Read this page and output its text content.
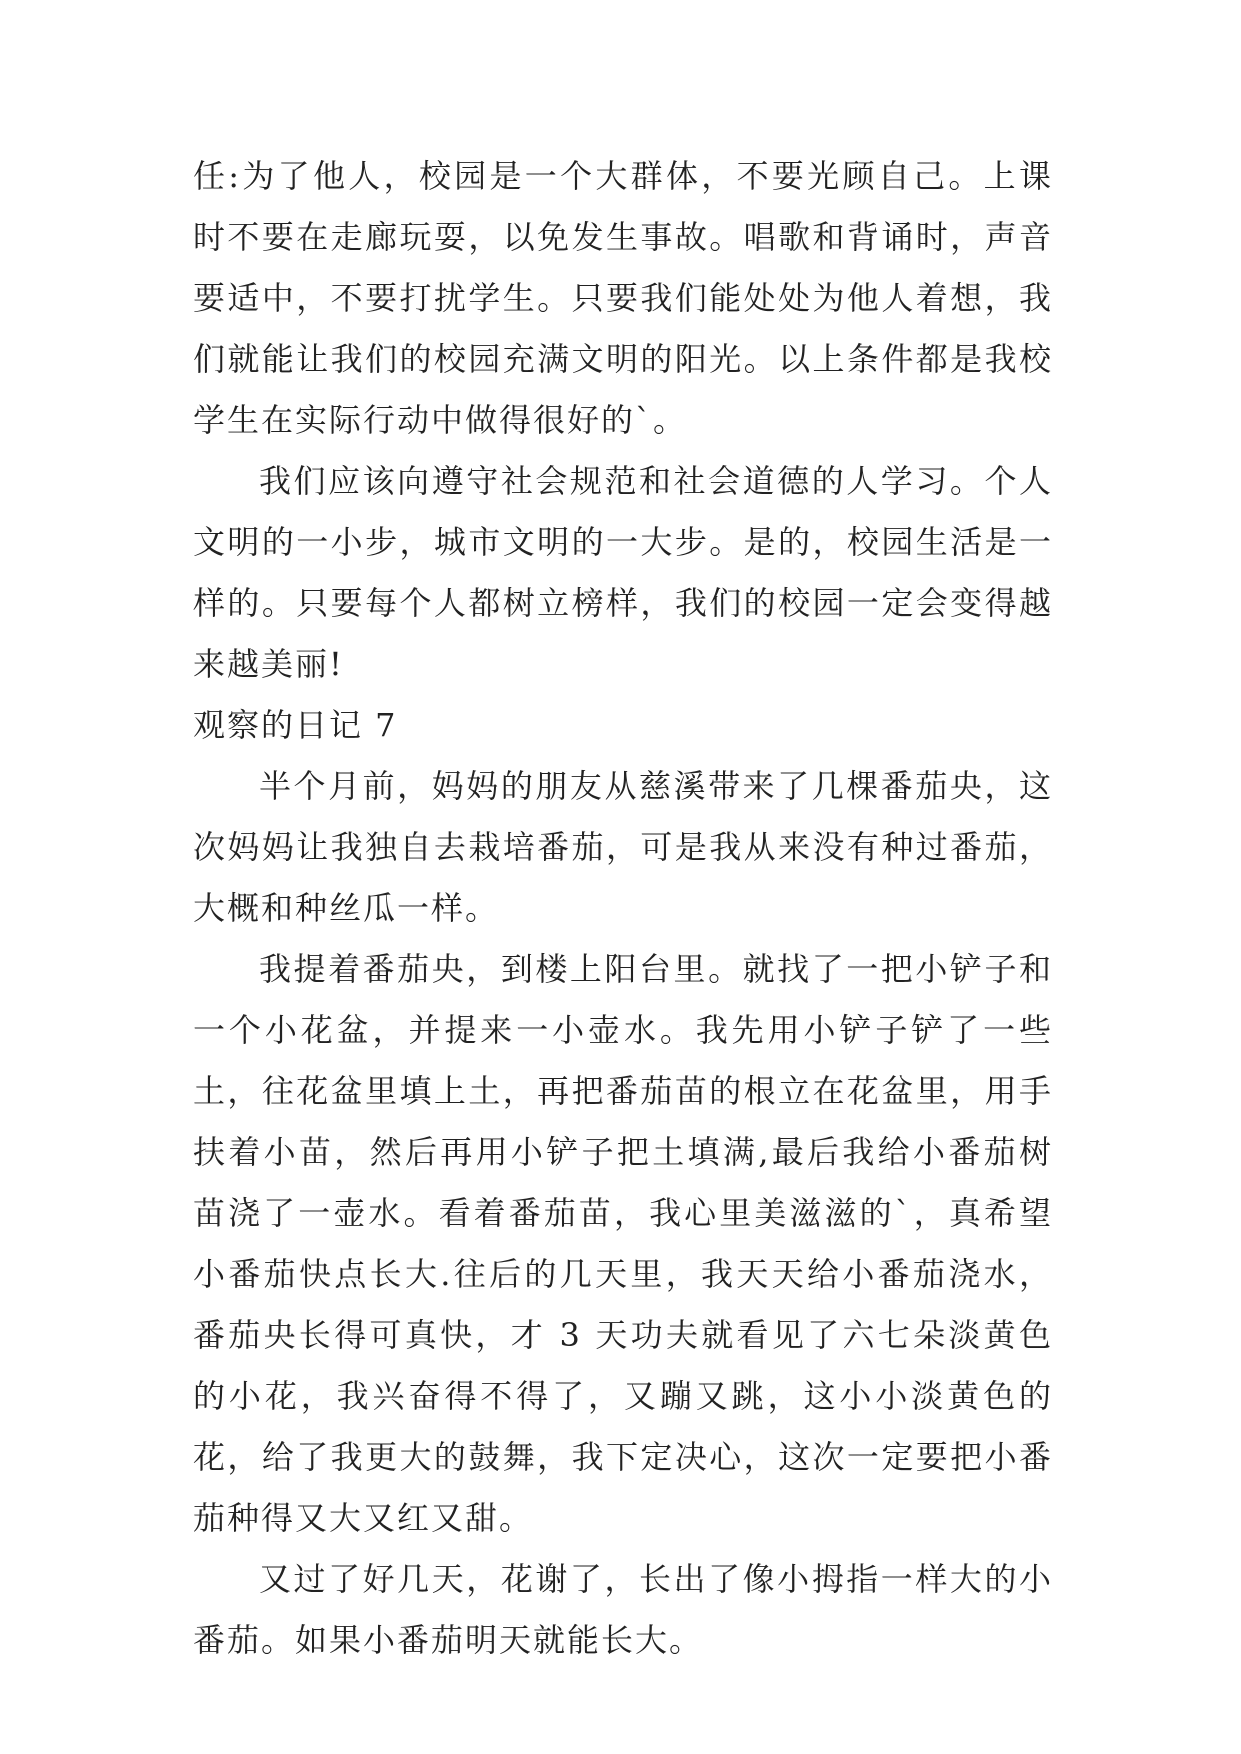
任:为了他人，校园是一个大群体，不要光顾自己。上课时不要在走廊玩耍，以免发生事故。唱歌和背诵时，声音要适中，不要打扰学生。只要我们能处处为他人着想，我们就能让我们的校园充满文明的阳光。以上条件都是我校学生在实际行动中做得很好的`。

我们应该向遵守社会规范和社会道德的人学习。个人文明的一小步，城市文明的一大步。是的，校园生活是一样的。只要每个人都树立榜样，我们的校园一定会变得越来越美丽!

观察的日记 7

半个月前，妈妈的朋友从慈溪带来了几棵番茄央，这次妈妈让我独自去栽培番茄，可是我从来没有种过番茄，大概和种丝瓜一样。

我提着番茄央，到楼上阳台里。就找了一把小铲子和一个小花盆，并提来一小壶水。我先用小铲子铲了一些土，往花盆里填上土，再把番茄苗的根立在花盆里，用手扶着小苗，然后再用小铲子把土填满,最后我给小番茄树苗浇了一壶水。看着番茄苗，我心里美滋滋的`，真希望小番茄快点长大.往后的几天里，我天天给小番茄浇水，番茄央长得可真快，才 3 天功夫就看见了六七朵淡黄色的小花，我兴奋得不得了，又蹦又跳，这小小淡黄色的花，给了我更大的鼓舞，我下定决心，这次一定要把小番茄种得又大又红又甜。

又过了好几天，花谢了，长出了像小拇指一样大的小番茄。如果小番茄明天就能长大。
